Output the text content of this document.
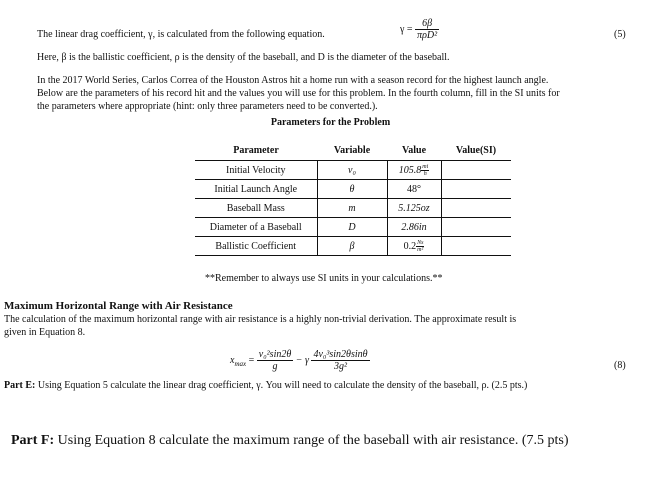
The linear drag coefficient, γ, is calculated from the following equation.	$\gamma = \frac{6\beta}{\text{πρD²}}$	(5)
Here, β is the ballistic coefficient, ρ is the density of the baseball, and D is the diameter of the baseball.
In the 2017 World Series, Carlos Correa of the Houston Astros hit a home run with a season record for the highest launch angle.
Below are the parameters of his record hit and the values you will use for this problem. In the fourth column, fill in the SI units for
the parameters where appropriate (hint: only three parameters need to be converted.).
Parameters for the Problem
Parameter	Variable	Value	Value(SI)
Initial Velocity	v₀	$105.8 \frac{mi}{h}$

Initial Launch Angle	θ	48°	
Baseball Mass	m	5.125oz	
Diameter of a Baseball	D	2.86in	
Ballistic Coefficient	β	$0.2 \frac{Ns}{\text{m²}}$

**Remember to always use SI units in your calculations.**
Maximum Horizontal Range with Air Resistance
The calculation of the maximum horizontal range with air resistance is a highly non-trivial derivation. The approximate result is
given in Equation 8.
$x_{max} = \frac{\text{v₀²sin2θ}}{g} - \gamma \frac{\text{4v₀³sin2θsinθ}}{\text{3g²}}$	(8)
Part E: Using Equation 5 calculate the linear drag coefficient, γ. You will need to calculate the density of the baseball, ρ. (2.5 pts.)
Part F: Using Equation 8 calculate the maximum range of the baseball with air resistance. (7.5 pts)
